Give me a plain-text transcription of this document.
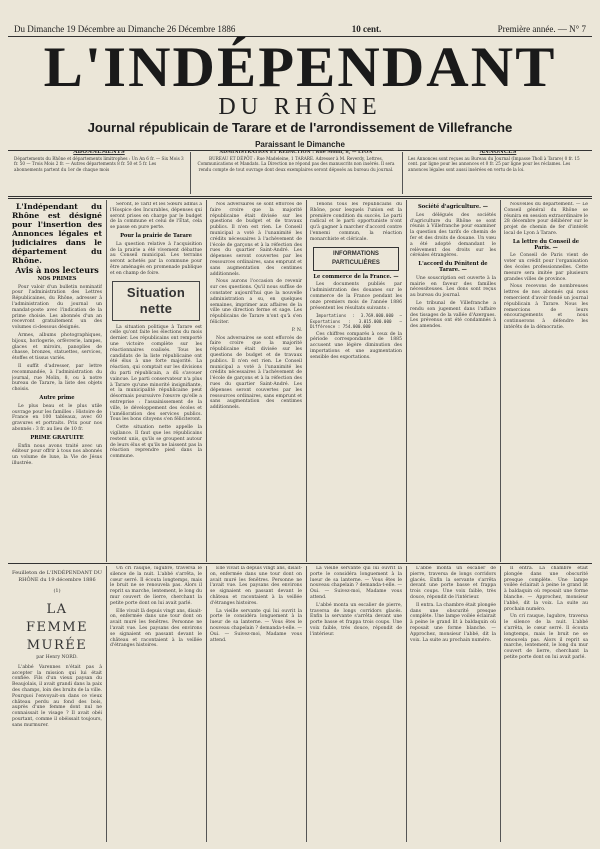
Du Dimanche 19 Décembre au Dimanche 26 Décembre 1886	10 cent.	Première année. — N° 7
L'INDÉPENDANT
DU RHÔNE
Journal républicain de Tarare et de l'arrondissement de Villefranche
Paraissant le Dimanche
ABONNEMENTS
Départements du Rhône et départements limitrophes : Un An 6 fr. — Six Mois 3 fr. 50 — Trois Mois 2 fr. — Autres départements 8 fr. 50 et 5 fr. Les abonnements partent du 1er de chaque mois
ADMINISTRATION ET RÉDACTION : Rue Molin, 8, — LYON
BUREAU ET DÉPÔT : Rue Madeleine, 1 TARARE. Adresser à M. Reverdy, Lettres, Communications et Mandats. La Direction ne répond pas des manuscrits non insérés. Il sera rendu compte de tout ouvrage dont deux exemplaires seront déposés au bureau du journal.
ANNONCES
Les Annonces sont reçues au Bureau du Journal (Impasse Tholl à Tarare) 0 fr. 15 cent. par ligne pour les annonces et 0 fr. 25 par ligne pour les réclames. Les annonces légales sont aussi insérées en vertu de la loi.

L'Indépendant du Rhône est désigné pour l'insertion des Annonces légales et judiciaires dans le département du Rhône.

Avis à nos lecteurs
NOS PRIMES

Pour valoir d'un bulletin nominatif pour l'administration des Lettres Républicaines, du Rhône, adresser à l'administration du journal un mandat-poste avec l'indication de la prime choisie. Les abonnés d'un an recevront gratuitement un des volumes ci-dessous désignés.

Armes, albums photographiques, bijoux, horlogerie, orfèvrerie, lampes, glaces et miroirs, panoplies de chasse, bronzes, statuettes, services, étoffes et tissus variés.

Il suffit d'adresser, par lettre recommandée, à l'administration du journal, rue Molin, 8, ou à notre bureau de Tarare, la liste des objets choisis.

Autre prime

Le plus beau et le plus utile ouvrage pour les familles : Histoire de France en 100 tableaux, avec 60 gravures et portraits. Prix pour nos abonnés : 3 fr. au lieu de 10 fr.

PRIME GRATUITE

Enfin nous avons traité avec un éditeur pour offrir à tous nos abonnés un volume de luxe, la Vie de Jésus illustrée.

Seront, le Tarif et les Sœurs admis à l'Hospice des Incurables, dépenses qui seront prises en charge par le budget de la commune et celui de l'État, cela se passe en pure perte.

Pour la prairie de Tarare

La question relative à l'acquisition de la prairie a été vivement débattue au Conseil municipal. Les terrains seront achetés par la commune pour être aménagés en promenade publique et en champ de foire.

Situation nette

La situation politique à Tarare est celle qu'ont faite les élections du mois dernier. Les républicains ont remporté une victoire complète sur les réactionnaires coalisés. Tous les candidats de la liste républicaine ont été élus à une forte majorité. La réaction, qui comptait sur les divisions du parti républicain, a dû s'avouer vaincue. Le parti conservateur n'a plus à Tarare qu'une minorité insignifiante, et la municipalité républicaine peut désormais poursuivre l'œuvre qu'elle a entreprise : l'assainissement de la ville, le développement des écoles et l'amélioration des services publics. Tous les bons citoyens s'en féliciteront.

Cette situation nette appelle la vigilance. Il faut que les républicains restent unis, qu'ils se groupent autour de leurs élus et qu'ils ne laissent pas la réaction reprendre pied dans la commune.

Nos adversaires se sont efforcés de faire croire que la majorité républicaine était divisée sur les questions de budget et de travaux publics. Il n'en est rien. Le Conseil municipal a voté à l'unanimité les crédits nécessaires à l'achèvement de l'école de garçons et à la réfection des rues du quartier Saint-André. Les dépenses seront couvertes par les ressources ordinaires, sans emprunt et sans augmentation des centimes additionnels.

Nous aurons l'occasion de revenir sur ces questions. Qu'il nous suffise de constater aujourd'hui que la nouvelle administration a su, en quelques semaines, imprimer aux affaires de la ville une direction ferme et sage. Les républicains de Tarare n'ont qu'à s'en féliciter.

P. N.

Nos adversaires se sont efforcés de faire croire que la majorité républicaine était divisée sur les questions de budget et de travaux publics. Il n'en est rien. Le Conseil municipal a voté à l'unanimité les crédits nécessaires à l'achèvement de l'école de garçons et à la réfection des rues du quartier Saint-André. Les dépenses seront couvertes par les ressources ordinaires, sans emprunt et sans augmentation des centimes additionnels.

Tenons tous les républicains du Rhône, pour lesquels l'union est la première condition du succès. Le parti radical et le parti opportuniste n'ont qu'à gagner à marcher d'accord contre l'ennemi commun, la réaction monarchiste et cléricale.

INFORMATIONS PARTICULIÈRES
Le commerce de la France. —

Les documents publiés par l'administration des douanes sur le commerce de la France pendant les onze premiers mois de l'année 1886 présentent les résultats suivants :

Importations : 3.769.000.000 — Exportations : 3.015.000.000 — Différence : 754.000.000

Ces chiffres comparés à ceux de la période correspondante de 1885 accusent une légère diminution des importations et une augmentation sensible des exportations.

Société d'agriculture. —

Les délégués des sociétés d'agriculture du Rhône se sont réunis à Villefranche pour examiner la question des tarifs de chemin de fer et des droits de douane. Un vœu a été adopté demandant le relèvement des droits sur les céréales étrangères.

L'accord du Pénitent de Tarare. —

Une souscription est ouverte à la mairie en faveur des familles nécessiteuses. Les dons sont reçus au bureau du journal.

Le tribunal de Villefranche a rendu son jugement dans l'affaire des tissages de la vallée d'Azergues. Les prévenus ont été condamnés à des amendes.

Nouvelles du département. — Le Conseil général du Rhône se réunira en session extraordinaire le 28 décembre pour délibérer sur le projet de chemin de fer d'intérêt local de Lyon à Tarare.

La lettre du Conseil de Paris. —

Le Conseil de Paris vient de voter un crédit pour l'organisation des écoles professionnelles. Cette mesure sera imitée par plusieurs grandes villes de province.

Nous recevons de nombreuses lettres de nos abonnés qui nous remercient d'avoir fondé un journal républicain à Tarare. Nous les remercions de leurs encouragements et nous continuerons à défendre les intérêts de la démocratie.

Feuilleton de L'INDÉPENDANT DU RHÔNE du 19 décembre 1886
(1)
LA
FEMME MURÉE
par Henry NORD.

L'abbé Varennes n'était pas à accepter la mission qui lui était confiée. Fils d'un vieux paysan du Beaujolais, il avait grandi dans la paix des champs, loin des bruits de la ville. Pourquoi l'envoyait-on dans ce vieux château perdu au fond des bois, auprès d'une femme dont nul ne connaissait le visage ? Il avait obéi pourtant, comme il obéissait toujours, sans murmurer.

Un cri rauque, lugubre, traversa le silence de la nuit. L'abbé s'arrêta, le cœur serré. Il écouta longtemps, mais le bruit ne se renouvela pas. Alors il reprit sa marche, lentement, le long du mur couvert de lierre, cherchant la petite porte dont on lui avait parlé.

Elle vivait là depuis vingt ans, disait-on, enfermée dans une tour dont on avait muré les fenêtres. Personne ne l'avait vue. Les paysans des environs se signaient en passant devant le château et racontaient à la veillée d'étranges histoires.

Elle vivait là depuis vingt ans, disait-on, enfermée dans une tour dont on avait muré les fenêtres. Personne ne l'avait vue. Les paysans des environs se signaient en passant devant le château et racontaient à la veillée d'étranges histoires.

La vieille servante qui lui ouvrit la porte le considéra longuement à la lueur de sa lanterne. — Vous êtes le nouveau chapelain ? demanda-t-elle. — Oui. — Suivez-moi, Madame vous attend.

La vieille servante qui lui ouvrit la porte le considéra longuement à la lueur de sa lanterne. — Vous êtes le nouveau chapelain ? demanda-t-elle. — Oui. — Suivez-moi, Madame vous attend.

L'abbé monta un escalier de pierre, traversa de longs corridors glacés. Enfin la servante s'arrêta devant une porte basse et frappa trois coups. Une voix faible, très douce, répondit de l'intérieur.

L'abbé monta un escalier de pierre, traversa de longs corridors glacés. Enfin la servante s'arrêta devant une porte basse et frappa trois coups. Une voix faible, très douce, répondit de l'intérieur.

Il entra. La chambre était plongée dans une obscurité presque complète. Une lampe voilée éclairait à peine le grand lit à baldaquin où reposait une forme blanche. — Approchez, monsieur l'abbé, dit la voix. La suite au prochain numéro.

Il entra. La chambre était plongée dans une obscurité presque complète. Une lampe voilée éclairait à peine le grand lit à baldaquin où reposait une forme blanche. — Approchez, monsieur l'abbé, dit la voix. La suite au prochain numéro.

Un cri rauque, lugubre, traversa le silence de la nuit. L'abbé s'arrêta, le cœur serré. Il écouta longtemps, mais le bruit ne se renouvela pas. Alors il reprit sa marche, lentement, le long du mur couvert de lierre, cherchant la petite porte dont on lui avait parlé.
